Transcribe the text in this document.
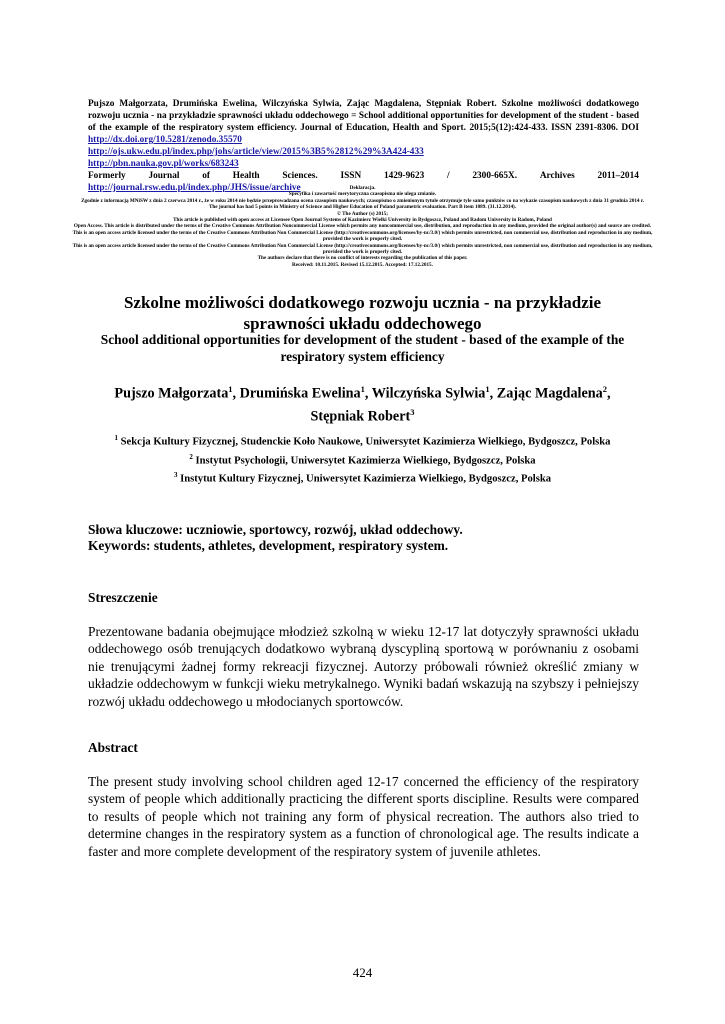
Pujszo Małgorzata, Drumińska Ewelina, Wilczyńska Sylwia, Zając Magdalena, Stępniak Robert. Szkolne możliwości dodatkowego rozwoju ucznia - na przykładzie sprawności układu oddechowego = School additional opportunities for development of the student - based of the example of the respiratory system efficiency. Journal of Education, Health and Sport. 2015;5(12):424-433. ISSN 2391-8306. DOI http://dx.doi.org/10.5281/zenodo.35570
http://ojs.ukw.edu.pl/index.php/johs/article/view/2015%3B5%2812%29%3A424-433
http://pbn.nauka.gov.pl/works/683243

Formerly Journal of Health Sciences. ISSN 1429-9623 / 2300-665X. Archives 2011–2014
http://journal.rsw.edu.pl/index.php/JHS/issue/archive	Deklaracja.
Specyfika i zawartość merytoryczna czasopisma nie ulega zmianie.
Zgodnie z informacją MNiSW z dnia 2 czerwca 2014 r., że w roku 2014 nie będzie przeprowadzana ocena czasopism naukowych; czasopismo o zmienionym tytule otrzymuje tyle samo punktów co na wykazie czasopism naukowych z dnia 31 grudnia 2014 r.
The journal has had 5 points in Ministry of Science and Higher Education of Poland parametric evaluation. Part B item 1089. (31.12.2014).
© The Author (s) 2015;
This article is published with open access at Licensee Open Journal Systems of Kazimierz Wielki University in Bydgoszcz, Poland and Radom University in Radom, Poland
Open Access. This article is distributed under the terms of the Creative Commons Attribution Noncommercial License which permits any noncommercial use, distribution, and reproduction in any medium, provided the original author(s) and source are credited. This is an open access article licensed under the terms of the Creative Commons Attribution Non Commercial License (http://creativecommons.org/licenses/by-nc/3.0/) which permits unrestricted, non commercial use, distribution and reproduction in any medium, provided the work is properly cited.
This is an open access article licensed under the terms of the Creative Commons Attribution Non Commercial License (http://creativecommons.org/licenses/by-nc/3.0/) which permits unrestricted, non commercial use, distribution and reproduction in any medium, provided the work is properly cited.
The authors declare that there is no conflict of interests regarding the publication of this paper.
Received: 10.11.2015. Revised 15.12.2015. Accepted: 17.12.2015.
Szkolne możliwości dodatkowego rozwoju ucznia - na przykładzie sprawności układu oddechowego
School additional opportunities for development of the student - based of the example of the respiratory system efficiency
Pujszo Małgorzata$^1$, Drumińska Ewelina$^1$, Wilczyńska Sylwia$^1$, Zając Magdalena$^2$, Stępniak Robert$^3$
$^1$ Sekcja Kultury Fizycznej, Studenckie Koło Naukowe, Uniwersytet Kazimierza Wielkiego, Bydgoszcz, Polska
$^2$ Instytut Psychologii, Uniwersytet Kazimierza Wielkiego, Bydgoszcz, Polska
$^3$ Instytut Kultury Fizycznej, Uniwersytet Kazimierza Wielkiego, Bydgoszcz, Polska
Słowa kluczowe: uczniowie, sportowcy, rozwój, układ oddechowy.
Keywords: students, athletes, development, respiratory system.
Streszczenie
Prezentowane badania obejmujące młodzież szkolną w wieku 12-17 lat dotyczyły sprawności układu oddechowego osób trenujących dodatkowo wybraną dyscypliną sportową w porównaniu z osobami nie trenującymi żadnej formy rekreacji fizycznej. Autorzy próbowali również określić zmiany w układzie oddechowym w funkcji wieku metrykalnego. Wyniki badań wskazują na szybszy i pełniejszy rozwój układu oddechowego u młodocianych sportowców.
Abstract
The present study involving school children aged 12-17 concerned the efficiency of the respiratory system of people which additionally practicing the different sports discipline. Results were compared to results of people which not training any form of physical recreation. The authors also tried to determine changes in the respiratory system as a function of chronological age. The results indicate a faster and more complete development of the respiratory system of juvenile athletes.
424
